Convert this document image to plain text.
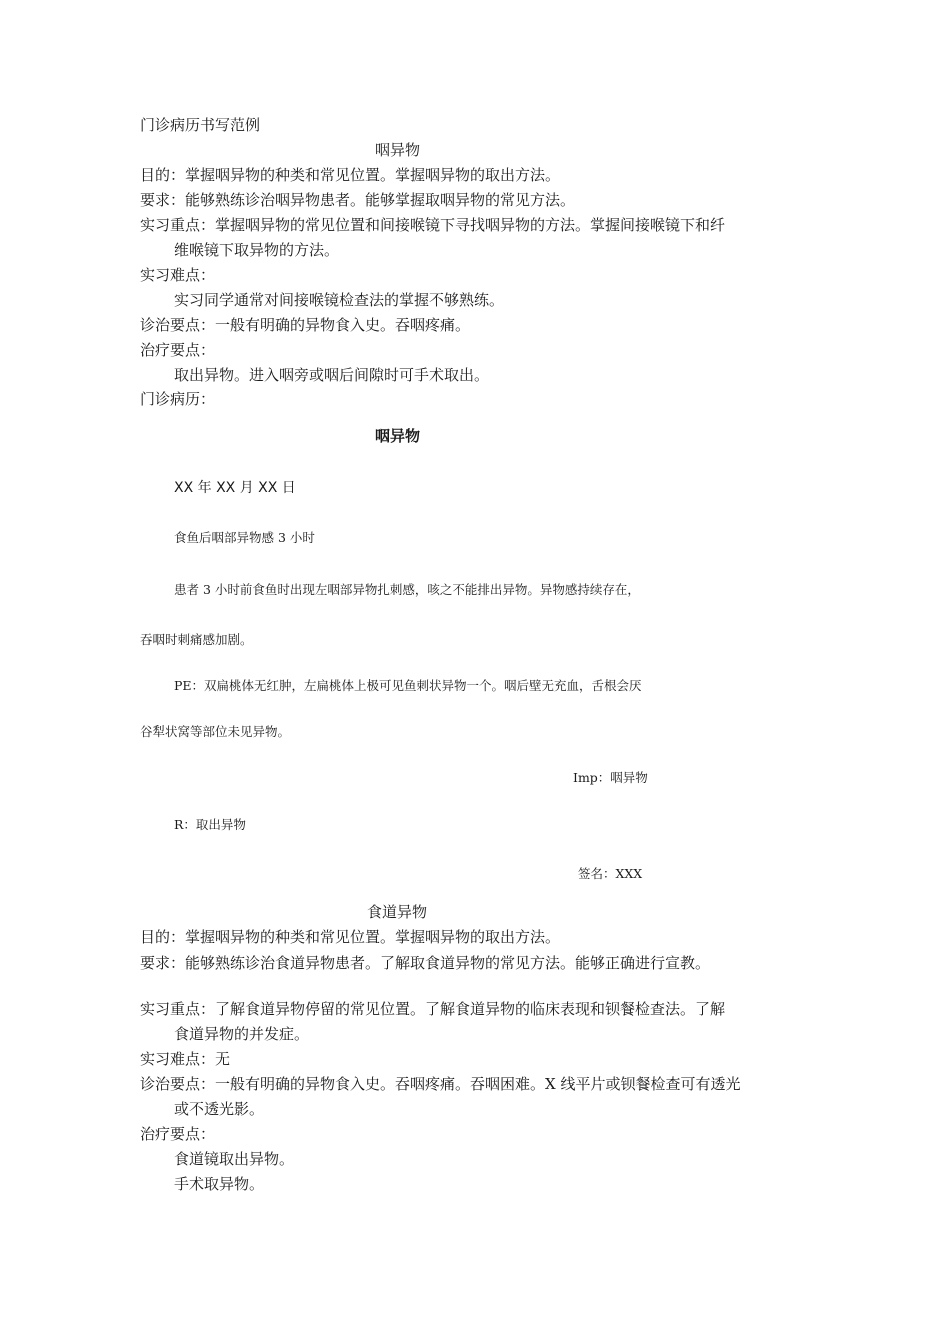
门诊病历书写范例
咽异物
目的：掌握咽异物的种类和常见位置。掌握咽异物的取出方法。
要求：能够熟练诊治咽异物患者。能够掌握取咽异物的常见方法。
实习重点：掌握咽异物的常见位置和间接喉镜下寻找咽异物的方法。掌握间接喉镜下和纤
维喉镜下取异物的方法。
实习难点：
实习同学通常对间接喉镜检查法的掌握不够熟练。
诊治要点：一般有明确的异物食入史。吞咽疼痛。
治疗要点：
取出异物。进入咽旁或咽后间隙时可手术取出。
门诊病历：
咽异物
XX 年 XX 月 XX 日
食鱼后咽部异物感 3 小时
患者 3 小时前食鱼时出现左咽部异物扎刺感，咳之不能排出异物。异物感持续存在，
吞咽时刺痛感加剧。
PE：双扁桃体无红肿，左扁桃体上极可见鱼刺状异物一个。咽后壁无充血，舌根会厌
谷犁状窝等部位未见异物。
Imp：咽异物
R：取出异物
签名：XXX
食道异物
目的：掌握咽异物的种类和常见位置。掌握咽异物的取出方法。
要求：能够熟练诊治食道异物患者。了解取食道异物的常见方法。能够正确进行宣教。
实习重点：了解食道异物停留的常见位置。了解食道异物的临床表现和钡餐检查法。了解
食道异物的并发症。
实习难点：无
诊治要点：一般有明确的异物食入史。吞咽疼痛。吞咽困难。X 线平片或钡餐检查可有透光
或不透光影。
治疗要点：
食道镜取出异物。
手术取异物。
